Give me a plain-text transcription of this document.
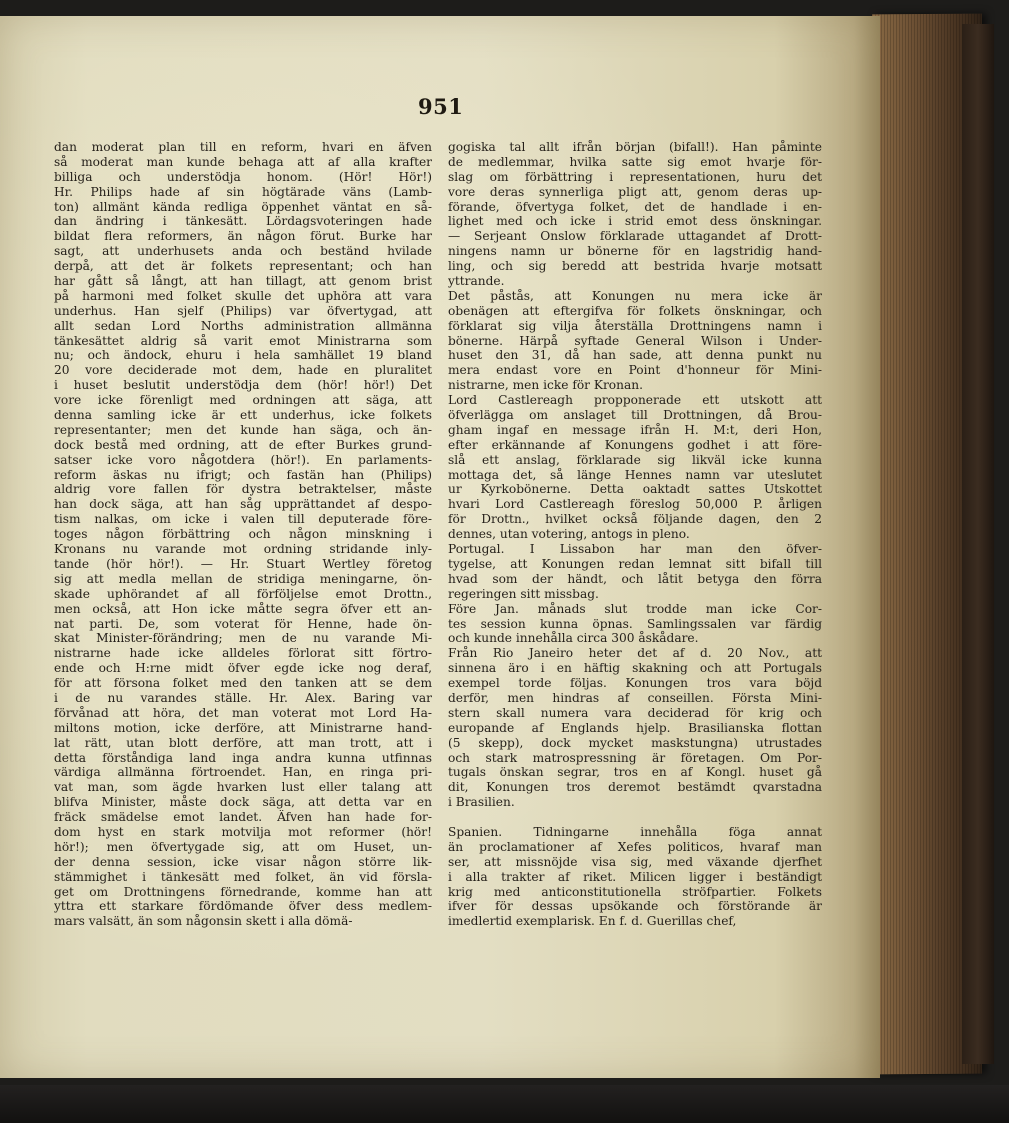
951
dan moderat plan till en reform, hvari en äfven
så moderat man kunde behaga att af alla krafter
billiga och understödja honom. (Hör! Hör!)
Hr. Philips hade af sin högtärade väns (Lamb-
ton) allmänt kända redliga öppenhet väntat en så-
dan ändring i tänkesätt. Lördagsvoteringen hade
bildat flera reformers, än någon förut. Burke har
sagt, att underhusets anda och beständ hvilade
derpå, att det är folkets representant; och han
har gått så långt, att han tillagt, att genom brist
på harmoni med folket skulle det uphöra att vara
underhus. Han sjelf (Philips) var öfvertygad, att
allt sedan Lord Norths administration allmänna
tänkesättet aldrig så varit emot Ministrarna som
nu; och ändock, ehuru i hela samhället 19 bland
20 vore deciderade mot dem, hade en pluralitet
i huset beslutit understödja dem (hör! hör!) Det
vore icke förenligt med ordningen att säga, att
denna samling icke är ett underhus, icke folkets
representanter; men det kunde han säga, och än-
dock bestå med ordning, att de efter Burkes grund-
satser icke voro någotdera (hör!). En parlaments-
reform äskas nu ifrigt; och fastän han (Philips)
aldrig vore fallen för dystra betraktelser, måste
han dock säga, att han såg upprättandet af despo-
tism nalkas, om icke i valen till deputerade före-
toges någon förbättring och någon minskning i
Kronans nu varande mot ordning stridande inly-
tande (hör hör!). — Hr. Stuart Wertley företog
sig att medla mellan de stridiga meningarne, ön-
skade uphörandet af all förföljelse emot Drottn.,
men också, att Hon icke måtte segra öfver ett an-
nat parti. De, som voterat för Henne, hade ön-
skat Minister-förändring; men de nu varande Mi-
nistrarne hade icke alldeles förlorat sitt förtro-
ende och H:rne midt öfver egde icke nog deraf,
för att försona folket med den tanken att se dem
i de nu varandes ställe. Hr. Alex. Baring var
förvånad att höra, det man voterat mot Lord Ha-
miltons motion, icke derföre, att Ministrarne hand-
lat rätt, utan blott derföre, att man trott, att i
detta förståndiga land inga andra kunna utfinnas
värdiga allmänna förtroendet. Han, en ringa pri-
vat man, som ägde hvarken lust eller talang att
blifva Minister, måste dock säga, att detta var en
fräck smädelse emot landet. Äfven han hade for-
dom hyst en stark motvilja mot reformer (hör!
hör!); men öfvertygade sig, att om Huset, un-
der denna session, icke visar någon större lik-
stämmighet i tänkesätt med folket, än vid försla-
get om Drottningens förnedrande, komme han att
yttra ett starkare fördömande öfver dess medlem-
mars valsätt, än som någonsin skett i alla dömä-
gogiska tal allt ifrån början (bifall!). Han påminte
de medlemmar, hvilka satte sig emot hvarje för-
slag om förbättring i representationen, huru det
vore deras synnerliga pligt att, genom deras up-
förande, öfvertyga folket, det de handlade i en-
lighet med och icke i strid emot dess önskningar.
— Serjeant Onslow förklarade uttagandet af Drott-
ningens namn ur bönerne för en lagstridig hand-
ling, och sig beredd att bestrida hvarje motsatt
yttrande.
Det påstås, att Konungen nu mera icke är
obenägen att eftergifva för folkets önskningar, och
förklarat sig vilja återställa Drottningens namn i
bönerne. Härpå syftade General Wilson i Under-
huset den 31, då han sade, att denna punkt nu
mera endast vore en Point d'honneur för Mini-
nistrarne, men icke för Kronan.
Lord Castlereagh propponerade ett utskott att
öfverlägga om anslaget till Drottningen, då Brou-
gham ingaf en message ifrån H. M:t, deri Hon,
efter erkännande af Konungens godhet i att före-
slå ett anslag, förklarade sig likväl icke kunna
mottaga det, så länge Hennes namn var uteslutet
ur Kyrkobönerne. Detta oaktadt sattes Utskottet
hvari Lord Castlereagh föreslog 50,000 P. årligen
för Drottn., hvilket också följande dagen, den 2
dennes, utan votering, antogs in pleno.
Portugal. I Lissabon har man den öfver-
tygelse, att Konungen redan lemnat sitt bifall till
hvad som der händt, och låtit betyga den förra
regeringen sitt missbag.
Före Jan. månads slut trodde man icke Cor-
tes session kunna öpnas. Samlingssalen var färdig
och kunde innehålla circa 300 åskådare.
Från Rio Janeiro heter det af d. 20 Nov., att
sinnena äro i en häftig skakning och att Portugals
exempel torde följas. Konungen tros vara böjd
derför, men hindras af conseillen. Första Mini-
stern skall numera vara deciderad för krig och
europande af Englands hjelp. Brasilianska flottan
(5 skepp), dock mycket maskstungna) utrustades
och stark matrospressning är företagen. Om Por-
tugals önskan segrar, tros en af Kongl. huset gå
dit, Konungen tros deremot bestämdt qvarstadna
i Brasilien.

Spanien. Tidningarne innehålla föga annat
än proclamationer af Xefes politicos, hvaraf man
ser, att missnöjde visa sig, med växande djerfhet
i alla trakter af riket. Milicen ligger i beständigt
krig med anticonstitutionella ströfpartier. Folkets
ifver för dessas upsökande och förstörande är
imedlertid exemplarisk. En f. d. Guerillas chef,
